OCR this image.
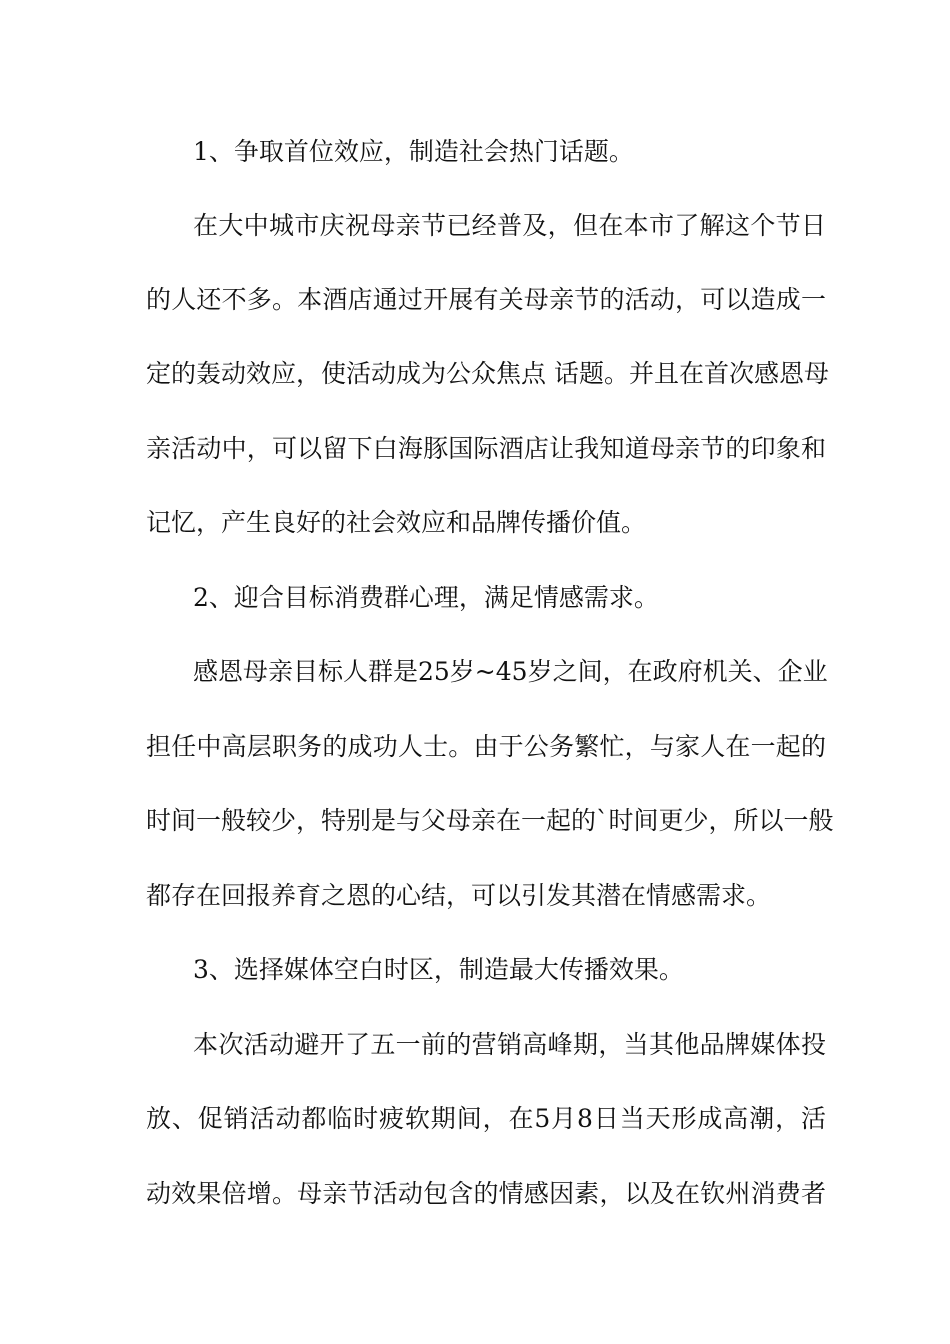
1、争取首位效应，制造社会热门话题。
在大中城市庆祝母亲节已经普及，但在本市了解这个节日
的人还不多。本酒店通过开展有关母亲节的活动，可以造成一
定的轰动效应，使活动成为公众焦点 话题。并且在首次感恩母
亲活动中，可以留下白海豚国际酒店让我知道母亲节的印象和
记忆，产生良好的社会效应和品牌传播价值。
2、迎合目标消费群心理，满足情感需求。
感恩母亲目标人群是25岁~45岁之间，在政府机关、企业
担任中高层职务的成功人士。由于公务繁忙，与家人在一起的
时间一般较少，特别是与父母亲在一起的`时间更少，所以一般
都存在回报养育之恩的心结，可以引发其潜在情感需求。
3、选择媒体空白时区，制造最大传播效果。
本次活动避开了五一前的营销高峰期，当其他品牌媒体投
放、促销活动都临时疲软期间，在5月8日当天形成高潮，活
动效果倍增。母亲节活动包含的情感因素，以及在钦州消费者
